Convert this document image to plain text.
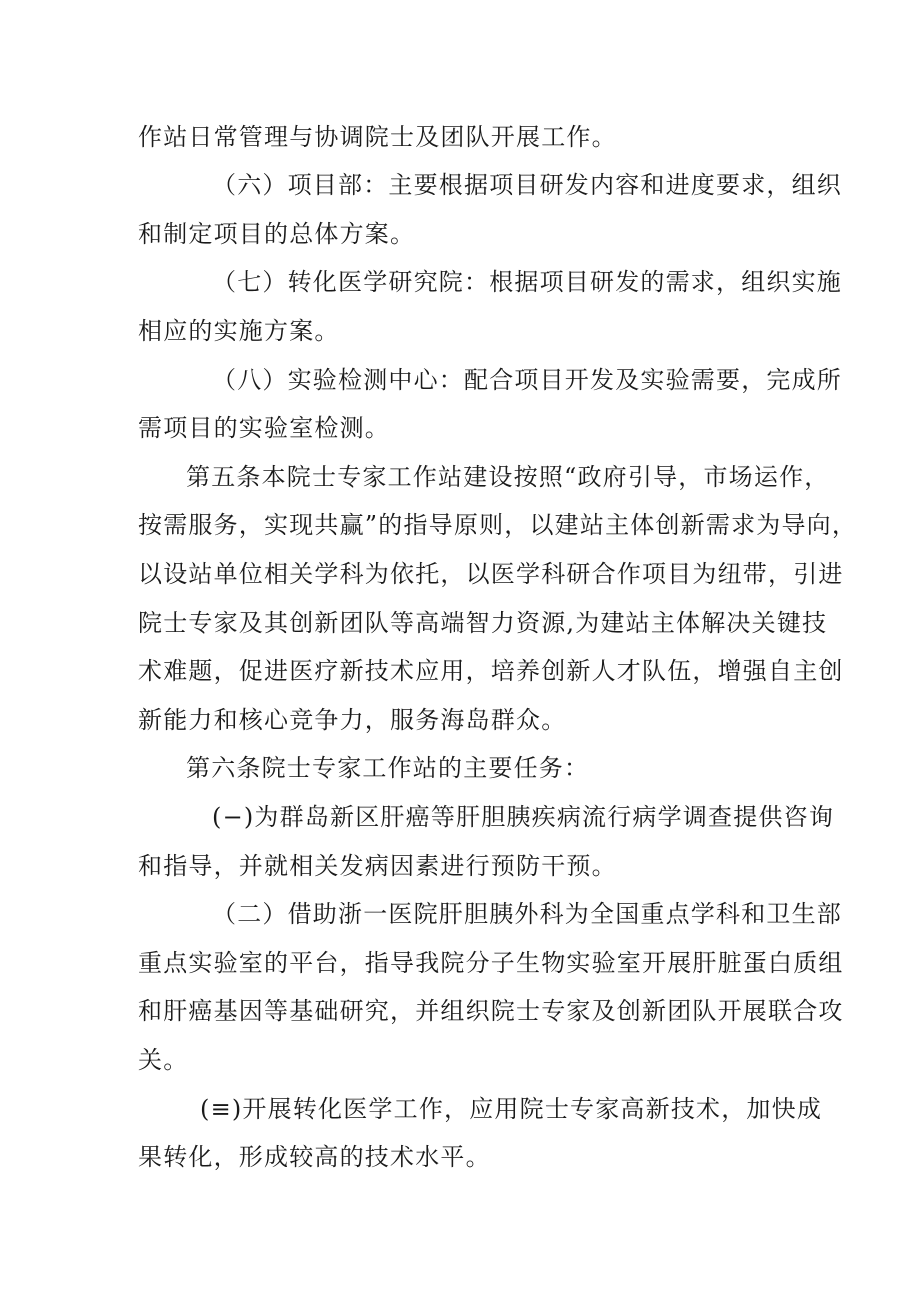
作站日常管理与协调院士及团队开展工作。
（六）项目部：主要根据项目研发内容和进度要求，组织
和制定项目的总体方案。
（七）转化医学研究院：根据项目研发的需求，组织实施
相应的实施方案。
（八）实验检测中心：配合项目开发及实验需要，完成所
需项目的实验室检测。
第五条本院士专家工作站建设按照“政府引导，市场运作，
按需服务，实现共赢”的指导原则，以建站主体创新需求为导向，
以设站单位相关学科为依托，以医学科研合作项目为纽带，引进
院士专家及其创新团队等高端智力资源,为建站主体解决关键技
术难题，促进医疗新技术应用，培养创新人才队伍，增强自主创
新能力和核心竞争力，服务海岛群众。
第六条院士专家工作站的主要任务：
(−)为群岛新区肝癌等肝胆胰疾病流行病学调查提供咨询
和指导，并就相关发病因素进行预防干预。
（二）借助浙一医院肝胆胰外科为全国重点学科和卫生部
重点实验室的平台，指导我院分子生物实验室开展肝脏蛋白质组
和肝癌基因等基础研究，并组织院士专家及创新团队开展联合攻
关。
(≡)开展转化医学工作，应用院士专家高新技术，加快成
果转化，形成较高的技术水平。
